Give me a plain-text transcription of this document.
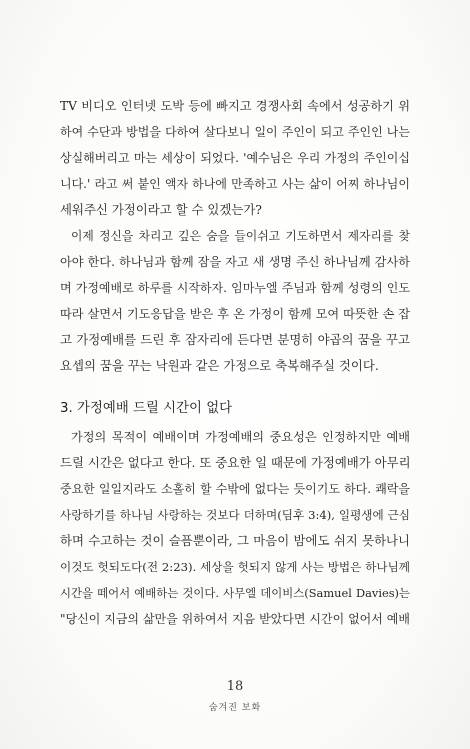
TV 비디오 인터넷 도박 등에 빠지고 경쟁사회 속에서 성공하기 위
하여 수단과 방법을 다하여 살다보니 일이 주인이 되고 주인인 나는
상실해버리고 마는 세상이 되었다. '예수님은 우리 가정의 주인이십
니다.' 라고 써 붙인 액자 하나에 만족하고 사는 삶이 어찌 하나님이
세워주신 가정이라고 할 수 있겠는가?
이제 정신을 차리고 깊은 숨을 들이쉬고 기도하면서 제자리를 찾
아야 한다. 하나님과 함께 잠을 자고 새 생명 주신 하나님께 감사하
며 가정예배로 하루를 시작하자. 임마누엘 주님과 함께 성령의 인도
따라 살면서 기도응답을 받은 후 온 가정이 함께 모여 따뜻한 손 잡
고 가정예배를 드린 후 잠자리에 든다면 분명히 야곱의 꿈을 꾸고
요셉의 꿈을 꾸는 낙원과 같은 가정으로 축복해주실 것이다.
3. 가정예배 드릴 시간이 없다
가정의 목적이 예배이며 가정예배의 중요성은 인정하지만 예배
드릴 시간은 없다고 한다. 또 중요한 일 때문에 가정예배가 아무리
중요한 일일지라도 소홀히 할 수밖에 없다는 듯이기도 하다. 쾌락을
사랑하기를 하나님 사랑하는 것보다 더하며(딤후 3:4), 일평생에 근심
하며 수고하는 것이 슬픔뿐이라, 그 마음이 밤에도 쉬지 못하나니
이것도 헛되도다(전 2:23). 세상을 헛되지 않게 사는 방법은 하나님께
시간을 떼어서 예배하는 것이다. 사무엘 데이비스(Samuel Davies)는
"당신이 지금의 삶만을 위하여서 지음 받았다면 시간이 없어서 예배
18
숨겨진 보화
